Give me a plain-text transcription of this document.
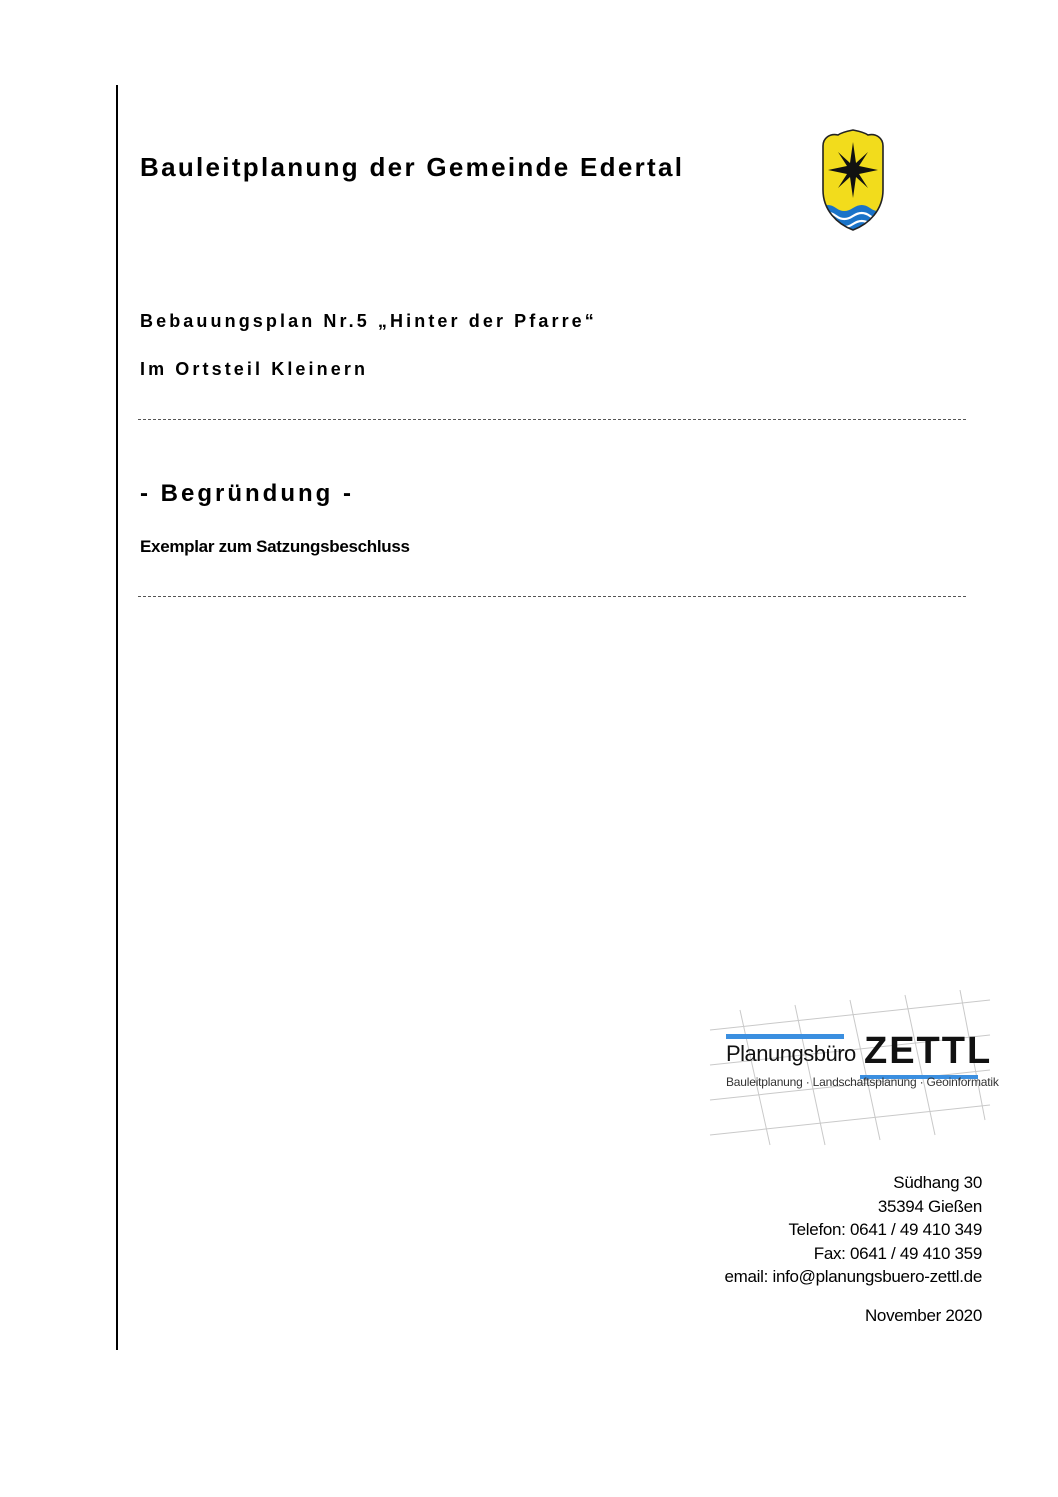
Bauleitplanung der Gemeinde Edertal
Bebauungsplan Nr.5 „Hinter der Pfarre“
Im Ortsteil Kleinern
- Begründung -
Exemplar zum Satzungsbeschluss
Planungsbüro ZETTL
Bauleitplanung · Landschaftsplanung · Geoinformatik
Südhang 30
35394 Gießen
Telefon: 0641 / 49 410 349
Fax: 0641 / 49 410 359
email: info@planungsbuero-zettl.de
November 2020
